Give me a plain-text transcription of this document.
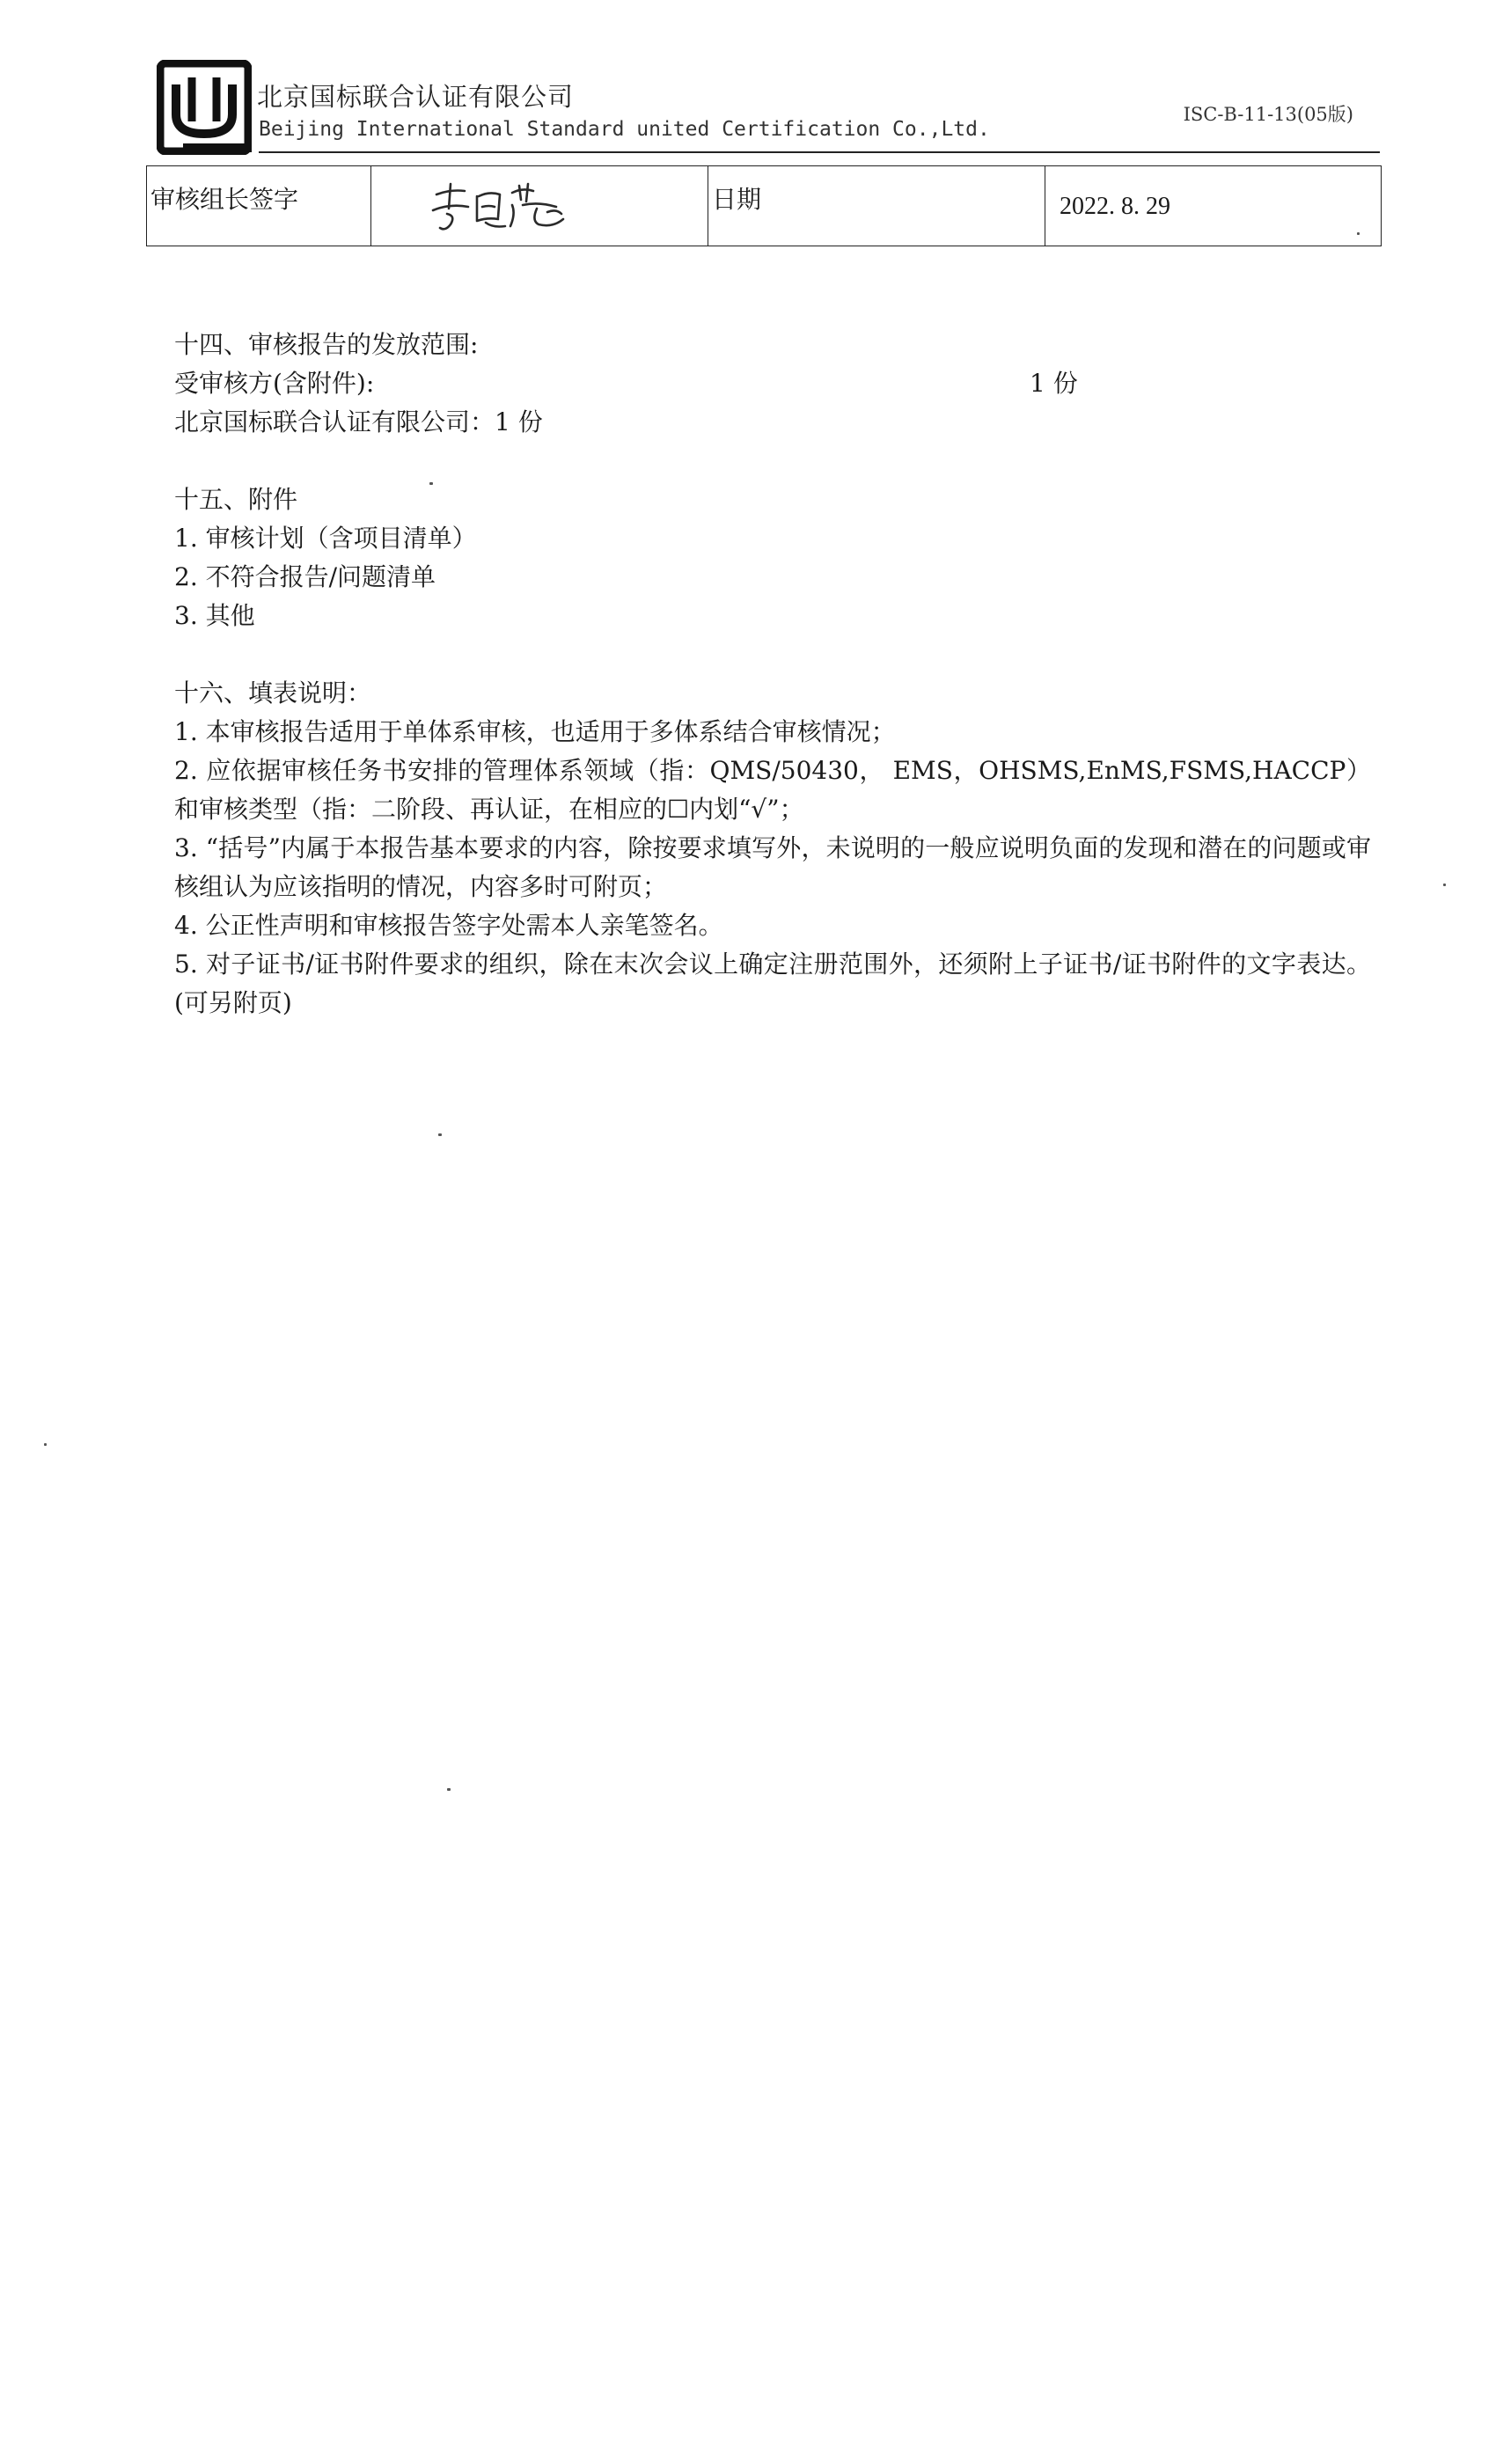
北京国标联合认证有限公司
Beijing International Standard united Certification Co.,Ltd.
ISC-B-11-13(05版)
审核组长签字		日期	2022. 8. 29
十四、审核报告的发放范围:
受审核方(含附件):	1 份
北京国标联合认证有限公司：1 份
十五、附件
1. 审核计划（含项目清单）
2. 不符合报告/问题清单
3. 其他
十六、填表说明：
1. 本审核报告适用于单体系审核，也适用于多体系结合审核情况；
2. 应依据审核任务书安排的管理体系领域（指：QMS/50430， EMS，OHSMS,EnMS,FSMS,HACCP）和审核类型（指：二阶段、再认证，在相应的☐内划“√”；
3. “括号”内属于本报告基本要求的内容，除按要求填写外，未说明的一般应说明负面的发现和潜在的问题或审核组认为应该指明的情况，内容多时可附页；
4. 公正性声明和审核报告签字处需本人亲笔签名。
5. 对子证书/证书附件要求的组织，除在末次会议上确定注册范围外，还须附上子证书/证书附件的文字表达。(可另附页)
